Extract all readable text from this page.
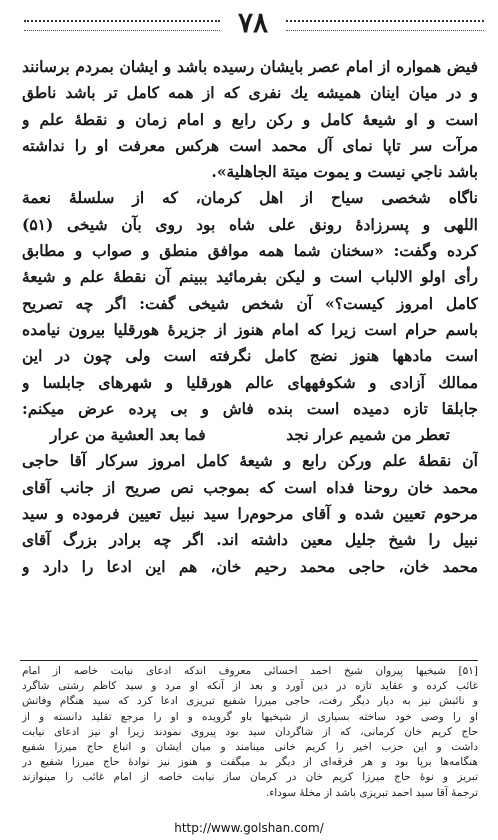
٧٨
فیض همواره از امام عصر بایشان رسیده باشد و ایشان بمردم برسانند
و در میان اینان همیشه یك نفری كه از همه كامل تر باشد ناطق
است و او شیعهٔ كامل و ركن رابع و امام زمان و نقطهٔ علم و
مرآت سر تاپا نمای آل محمد است هركس معرفت او را نداشته
باشد ناجي نيست و يموت ميتة الجاهلية».
ناگاه شخصی سیاح از اهل كرمان، كه از سلسلهٔ نعمة
اللهی و پسرزادهٔ رونق علی شاه بود روی بآن شیخی (۵۱)
كرده وگفت: «سخنان شما همه موافق منطق و صواب و مطابق
رأی اولو الالباب است و لیكن بفرمائید ببینم آن نقطهٔ علم و شیعهٔ
كامل امروز كیست؟» آن شخص شیخی گفت: اگر چه تصریح
باسم حرام است زیرا كه امام هنوز از جزیرهٔ هورقلیا بیرون نیامده
است مادهها هنوز نضج كامل نگرفته است ولی چون در این
ممالك آزادی و شكوفههای عالم هورقلیا و شهرهای جابلسا و
جابلقا تازه دمیده است بنده فاش و بی پرده عرض میكنم:
تعطر من شمیم عرار نجد
فما بعد العشیة من عرار
آن نقطهٔ علم وركن رابع و شیعهٔ كامل امروز سركار آقا حاجی
محمد خان روحنا فداه است كه بموجب نص صریح از جانب آقای
مرحوم تعیین شده و آقای مرحوم‌را سید نبیل تعیین فرموده و سید
نبیل را شیخ جلیل معین داشته اند. اگر چه برادر بزرگ آقای
محمد خان، حاجی محمد رحیم خان، هم این ادعا را دارد و
[۵۱] شیخیها پیروان شیخ احمد احسائی معروف اندكه ادعای نیابت خاصه از امام
غائب کرده و عقاید تازه در دین آورد و بعد از آنكه او مرد و سید كاظم رشتی شاگرد
و نائبش نیز به دیار دیگر رفت، حاجی میرزا شفیع تبریزی ادعا كرد كه سید هنگام وفاتش
او را وصی خود ساخته بسیاری از شیخیها باو گرویده و او را مرجع تقلید دانسته و از
حاج كریم خان كرمانی، كه از شاگردان سید بود پیروی نمودند زیرا او نیز ادعای نیابت
داشت و این حزب اخیر را كریم خانی مینامند و میان ایشان و اتباع حاج میرزا شفیع
هنگامه‌ها برپا بود و هر فرقه‌ای از دیگر بد میگفت و هنوز نیز نوادهٔ حاج میرزا شفیع در
تبریز و نوهٔ حاج میرزا كریم خان در كرمان ساز نیابت خاصه از امام غائب را مینوازند
ترجمهٔ آقا سید احمد تبریزی باشد از مخلهٔ سوداء.
http://www.golshan.com/
